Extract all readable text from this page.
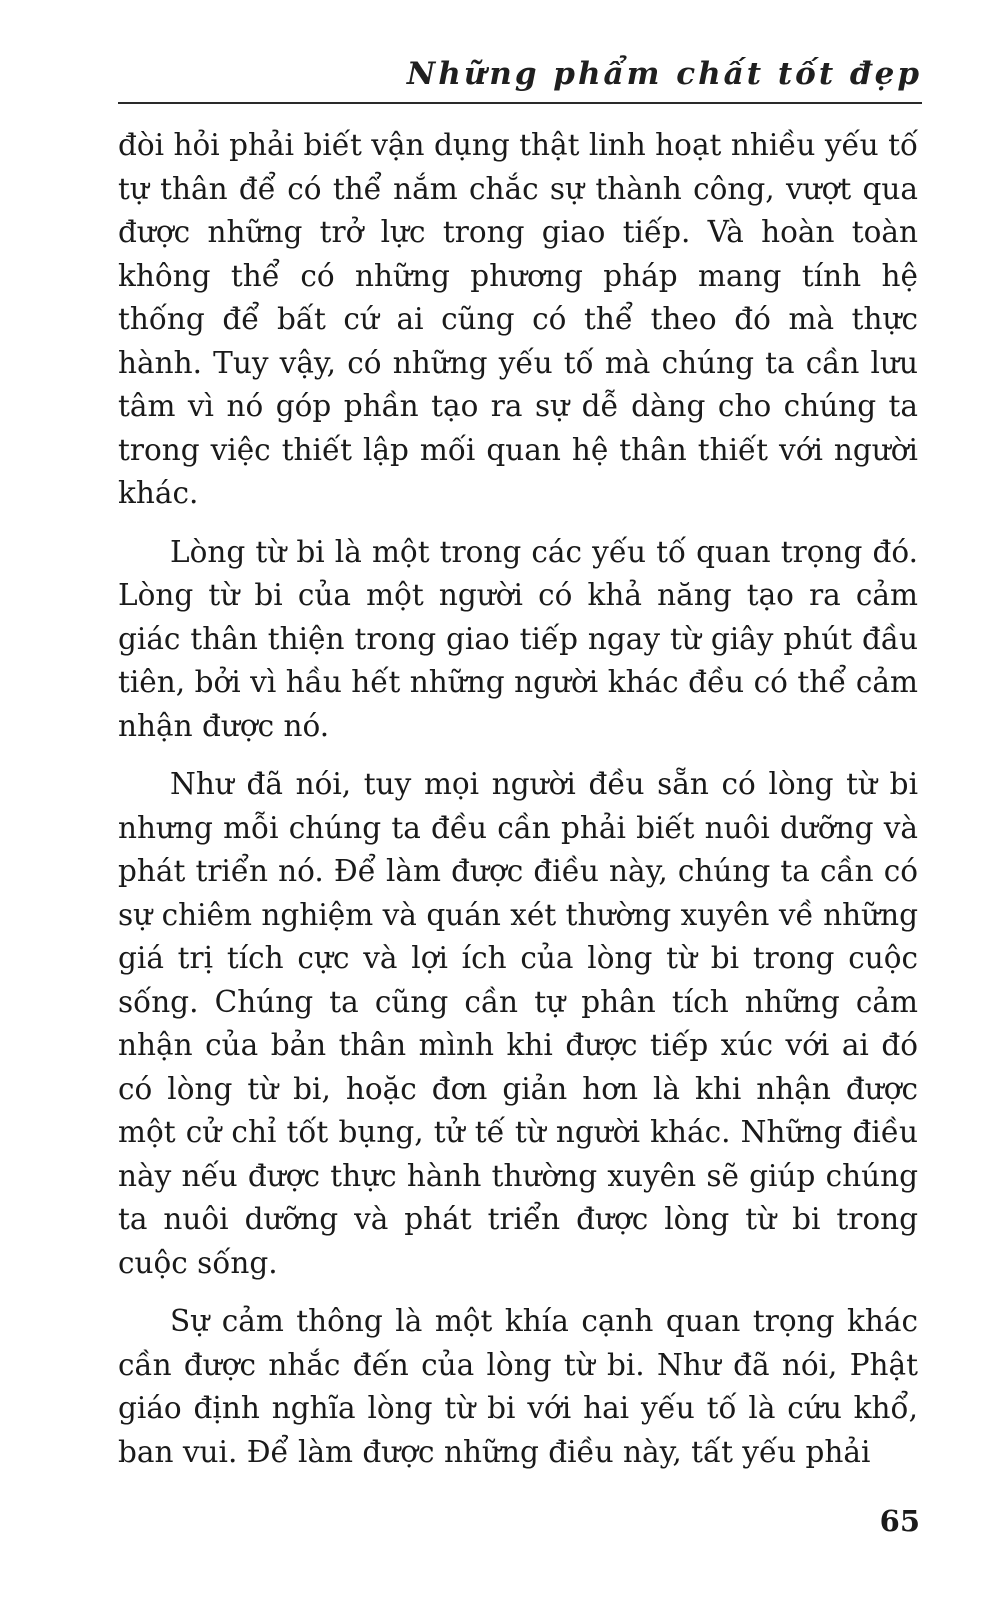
Những phẩm chất tốt đẹp

đòi hỏi phải biết vận dụng thật linh hoạt nhiều yếu tố tự thân để có thể nắm chắc sự thành công, vượt qua được những trở lực trong giao tiếp. Và hoàn toàn không thể có những phương pháp mang tính hệ thống để bất cứ ai cũng có thể theo đó mà thực hành. Tuy vậy, có những yếu tố mà chúng ta cần lưu tâm vì nó góp phần tạo ra sự dễ dàng cho chúng ta trong việc thiết lập mối quan hệ thân thiết với người khác.

Lòng từ bi là một trong các yếu tố quan trọng đó. Lòng từ bi của một người có khả năng tạo ra cảm giác thân thiện trong giao tiếp ngay từ giây phút đầu tiên, bởi vì hầu hết những người khác đều có thể cảm nhận được nó.

Như đã nói, tuy mọi người đều sẵn có lòng từ bi nhưng mỗi chúng ta đều cần phải biết nuôi dưỡng và phát triển nó. Để làm được điều này, chúng ta cần có sự chiêm nghiệm và quán xét thường xuyên về những giá trị tích cực và lợi ích của lòng từ bi trong cuộc sống. Chúng ta cũng cần tự phân tích những cảm nhận của bản thân mình khi được tiếp xúc với ai đó có lòng từ bi, hoặc đơn giản hơn là khi nhận được một cử chỉ tốt bụng, tử tế từ người khác. Những điều này nếu được thực hành thường xuyên sẽ giúp chúng ta nuôi dưỡng và phát triển được lòng từ bi trong cuộc sống.

Sự cảm thông là một khía cạnh quan trọng khác cần được nhắc đến của lòng từ bi. Như đã nói, Phật giáo định nghĩa lòng từ bi với hai yếu tố là cứu khổ, ban vui. Để làm được những điều này, tất yếu phải

65
